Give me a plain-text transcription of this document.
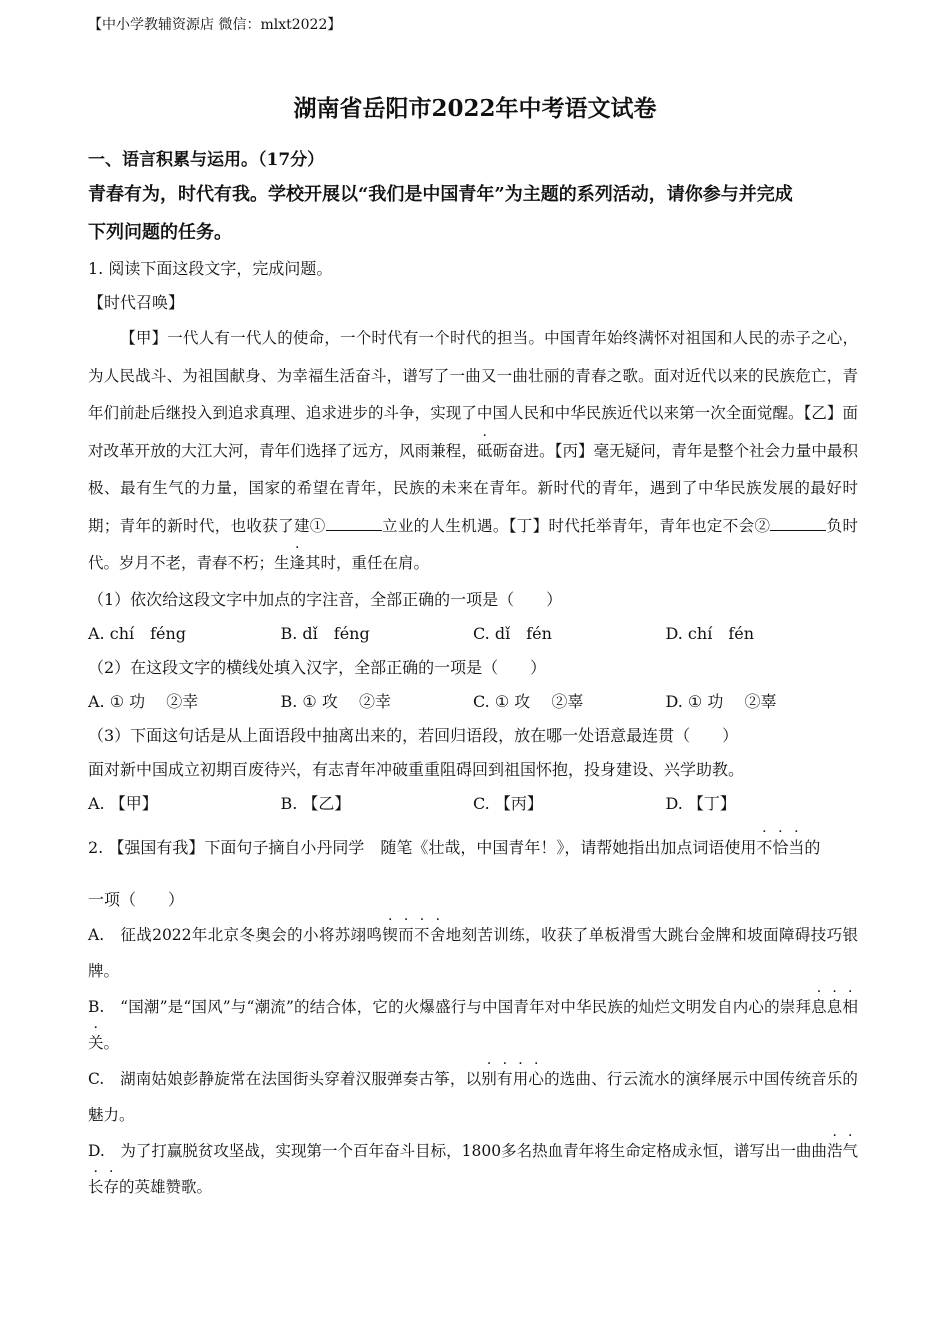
【中小学教辅资源店 微信：mlxt2022】
湖南省岳阳市2022年中考语文试卷
一、语言积累与运用。（17分）
青春有为，时代有我。学校开展以“我们是中国青年”为主题的系列活动，请你参与并完成
下列问题的任务。
1. 阅读下面这段文字，完成问题。
【时代召唤】
【甲】一代人有一代人的使命，一个时代有一个时代的担当。中国青年始终满怀对祖国和人民的赤子之心，为人民战斗、为祖国献身、为幸福生活奋斗，谱写了一曲又一曲壮丽的青春之歌。面对近代以来的民族危亡，青年们前赴后继投入到追求真理、追求进步的斗争，实现了中国人民和中华民族近代以来第一次全面觉醒。【乙】面对改革开放的大江大河，青年们选择了远方，风雨兼程，砥砺奋进。【丙】毫无疑问，青年是整个社会力量中最积极、最有生气的力量，国家的希望在青年，民族的未来在青年。新时代的青年，遇到了中华民族发展的最好时期；青年的新时代，也收获了建①	立业的人生机遇。【丁】时代托举青年，青年也定不会②	负时代。岁月不老，青春不朽；生逢其时，重任在肩。
（1）依次给这段文字中加点的字注音，全部正确的一项是（　　）
A. chí　féng	B. dǐ　féng	C. dǐ　fén	D. chí　fén
（2）在这段文字的横线处填入汉字，全部正确的一项是（　　）
A. ① 功　 ②幸	B. ① 攻　 ②幸	C. ① 攻　 ②辜	D. ① 功　 ②辜
（3）下面这句话是从上面语段中抽离出来的，若回归语段，放在哪一处语意最连贯（　　）
面对新中国成立初期百废待兴，有志青年冲破重重阻碍回到祖国怀抱，投身建设、兴学助教。
A. 【甲】	B. 【乙】	C. 【丙】	D. 【丁】
2. 【强国有我】下面句子摘自小丹同学　随笔《壮哉，中国青年！》，请帮她指出加点词语使用不恰当的
一项（　　）
A.　征战2022年北京冬奥会的小将苏翊鸣锲而不舍地刻苦训练，收获了单板滑雪大跳台金牌和坡面障碍技巧银牌。
B.　“国潮”是“国风”与“潮流”的结合体，它的火爆盛行与中国青年对中华民族的灿烂文明发自内心的崇拜息息相关。
C.　湖南姑娘彭静旋常在法国街头穿着汉服弹奏古筝，以别有用心的选曲、行云流水的演绎展示中国传统音乐的魅力。
D.　为了打赢脱贫攻坚战，实现第一个百年奋斗目标，1800多名热血青年将生命定格成永恒，谱写出一曲曲浩气长存的英雄赞歌。
